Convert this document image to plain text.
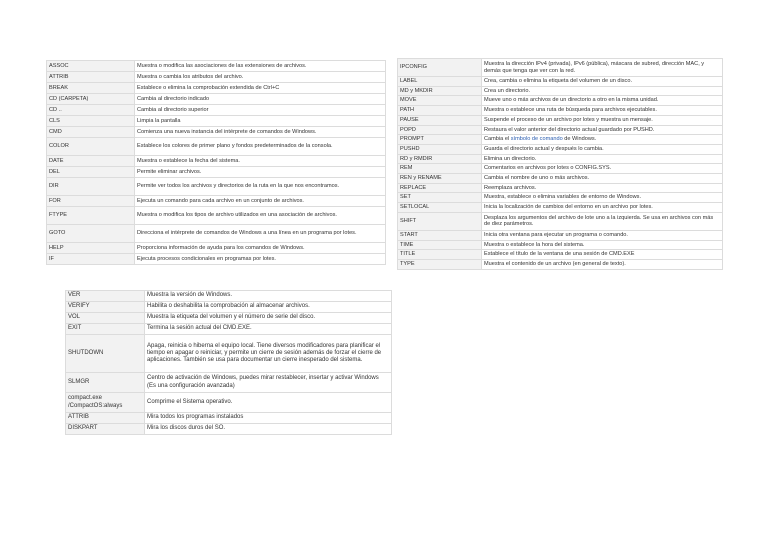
ASSOC	Muestra o modifica las asociaciones de las extensiones de archivos.
ATTRIB	Muestra o cambia los atributos del archivo.
BREAK	Establece o elimina la comprobación extendida de Ctrl+C
CD (CARPETA)	Cambia al directorio indicado
CD ..	Cambia al directorio superior
CLS	Limpia la pantalla
CMD	Comienza una nueva instancia del intérprete de comandos de Windows.
COLOR	Establece los colores de primer plano y fondos predeterminados de la consola.
DATE	Muestra o establece la fecha del sistema.
DEL	Permite eliminar archivos.
DIR	Permite ver todos los archivos y directorios de la ruta en la que nos encontramos.
FOR	Ejecuta un comando para cada archivo en un conjunto de archivos.
FTYPE	Muestra o modifica los tipos de archivo utilizados en una asociación de archivos.
GOTO	Direcciona el intérprete de comandos de Windows a una línea en un programa por lotes.
HELP	Proporciona información de ayuda para los comandos de Windows.
IF	Ejecuta procesos condicionales en programas por lotes.
IPCONFIG	Muestra la dirección IPv4 (privada), IPv6 (pública), máscara de subred, dirección MAC, y demás que tenga que ver con la red.
LABEL	Crea, cambia o elimina la etiqueta del volumen de un disco.
MD y MKDIR	Crea un directorio.
MOVE	Mueve uno o más archivos de un directorio a otro en la misma unidad.
PATH	Muestra o establece una ruta de búsqueda para archivos ejecutables.
PAUSE	Suspende el proceso de un archivo por lotes y muestra un mensaje.
POPD	Restaura el valor anterior del directorio actual guardado por PUSHD.
PROMPT	Cambia el símbolo de comando de Windows.
PUSHD	Guarda el directorio actual y después lo cambia.
RD y RMDIR	Elimina un directorio.
REM	Comentarios en archivos por lotes o CONFIG.SYS.
REN y RENAME	Cambia el nombre de uno o más archivos.
REPLACE	Reemplaza archivos.
SET	Muestra, establece o elimina variables de entorno de Windows.
SETLOCAL	Inicia la localización de cambios del entorno en un archivo por lotes.
SHIFT	Desplaza los argumentos del archivo de lote uno a la izquierda. Se usa en archivos con más de diez parámetros.
START	Inicia otra ventana para ejecutar un programa o comando.
TIME	Muestra o establece la hora del sistema.
TITLE	Establece el título de la ventana de una sesión de CMD.EXE
TYPE	Muestra el contenido de un archivo (en general de texto).
VER	Muestra la versión de Windows.
VERIFY	Habilita o deshabilita la comprobación al almacenar archivos.
VOL	Muestra la etiqueta del volumen y el número de serie del disco.
EXIT	Termina la sesión actual del CMD.EXE.
SHUTDOWN	Apaga, reinicia o hiberna el equipo local. Tiene diversos modificadores para planificar el tiempo en apagar o reiniciar, y permite un cierre de sesión además de forzar el cierre de aplicaciones. También se usa para documentar un cierre inesperado del sistema.
SLMGR	Centro de activación de Windows, puedes mirar restablecer, insertar y activar Windows (Es una configuración avanzada)
compact.exe /CompactOS:always	Comprime el Sistema operativo.
ATTRIB	Mira todos los programas instalados
DISKPART	Mira los discos duros del SO.
